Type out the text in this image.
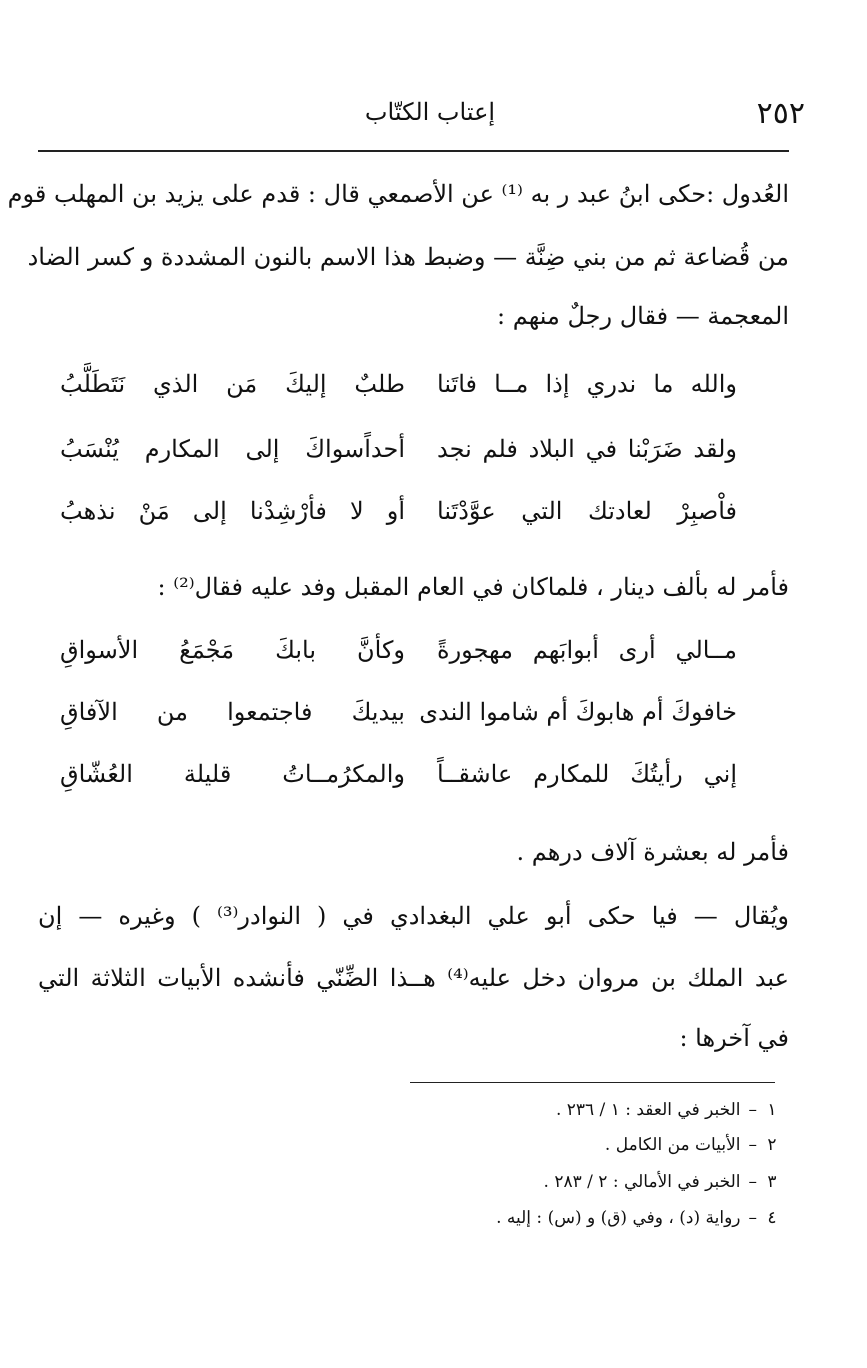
٢٥٢
إعتاب الكتّاب
العُدول :حكى ابنُ عبد ر به ⁽¹⁾ عن الأصمعي قال : قدم على يزيد بن المهلب قوم
من قُضاعة ثم من بني ضِنَّة — وضبط هذا الاسم بالنون المشددة و كسر الضاد
المعجمة — فقال رجلٌ منهم :
والله ما ندري إذا مــا فاتَنا
طلبٌ إليكَ مَن الذي نَتَطَلَّبُ
ولقد ضَرَبْنا في البلاد فلم نجد
أحداًسواكَ إلى المكارم يُنْسَبُ
فاْصبِرْ لعادتك التي عوَّدْتَنا
أو لا فأرْشِدْنا إلى مَنْ نذهبُ
فأمر له بألف دينار ، فلماكان في العام المقبل وفد عليه فقال⁽²⁾ :
مــالي أرى أبوابَهم مهجورةً
وكأنَّ بابكَ مَجْمَعُ الأسواقِ
خافوكَ أم هابوكَ أم شاموا الندى
بيديكَ فاجتمعوا من الآفاقِ
إني رأيتُكَ للمكارم عاشقــاً
والمكرُمــاتُ قليلة العُشّاقِ
فأمر له بعشرة آلاف درهم .
ويُقال — فيا حكى أبو علي البغدادي في ( النوادر⁽³⁾ ) وغيره — إن
عبد الملك بن مروان دخل عليه⁽⁴⁾ هــذا الضِّنّي فأنشده الأبيات الثلاثة التي
في آخرها :
١–الخبر في العقد : ١ / ٢٣٦ .
٢–الأبيات من الكامل .
٣–الخبر في الأمالي : ٢ / ٢٨٣ .
٤–رواية (د) ، وفي (ق) و (س) : إليه .
